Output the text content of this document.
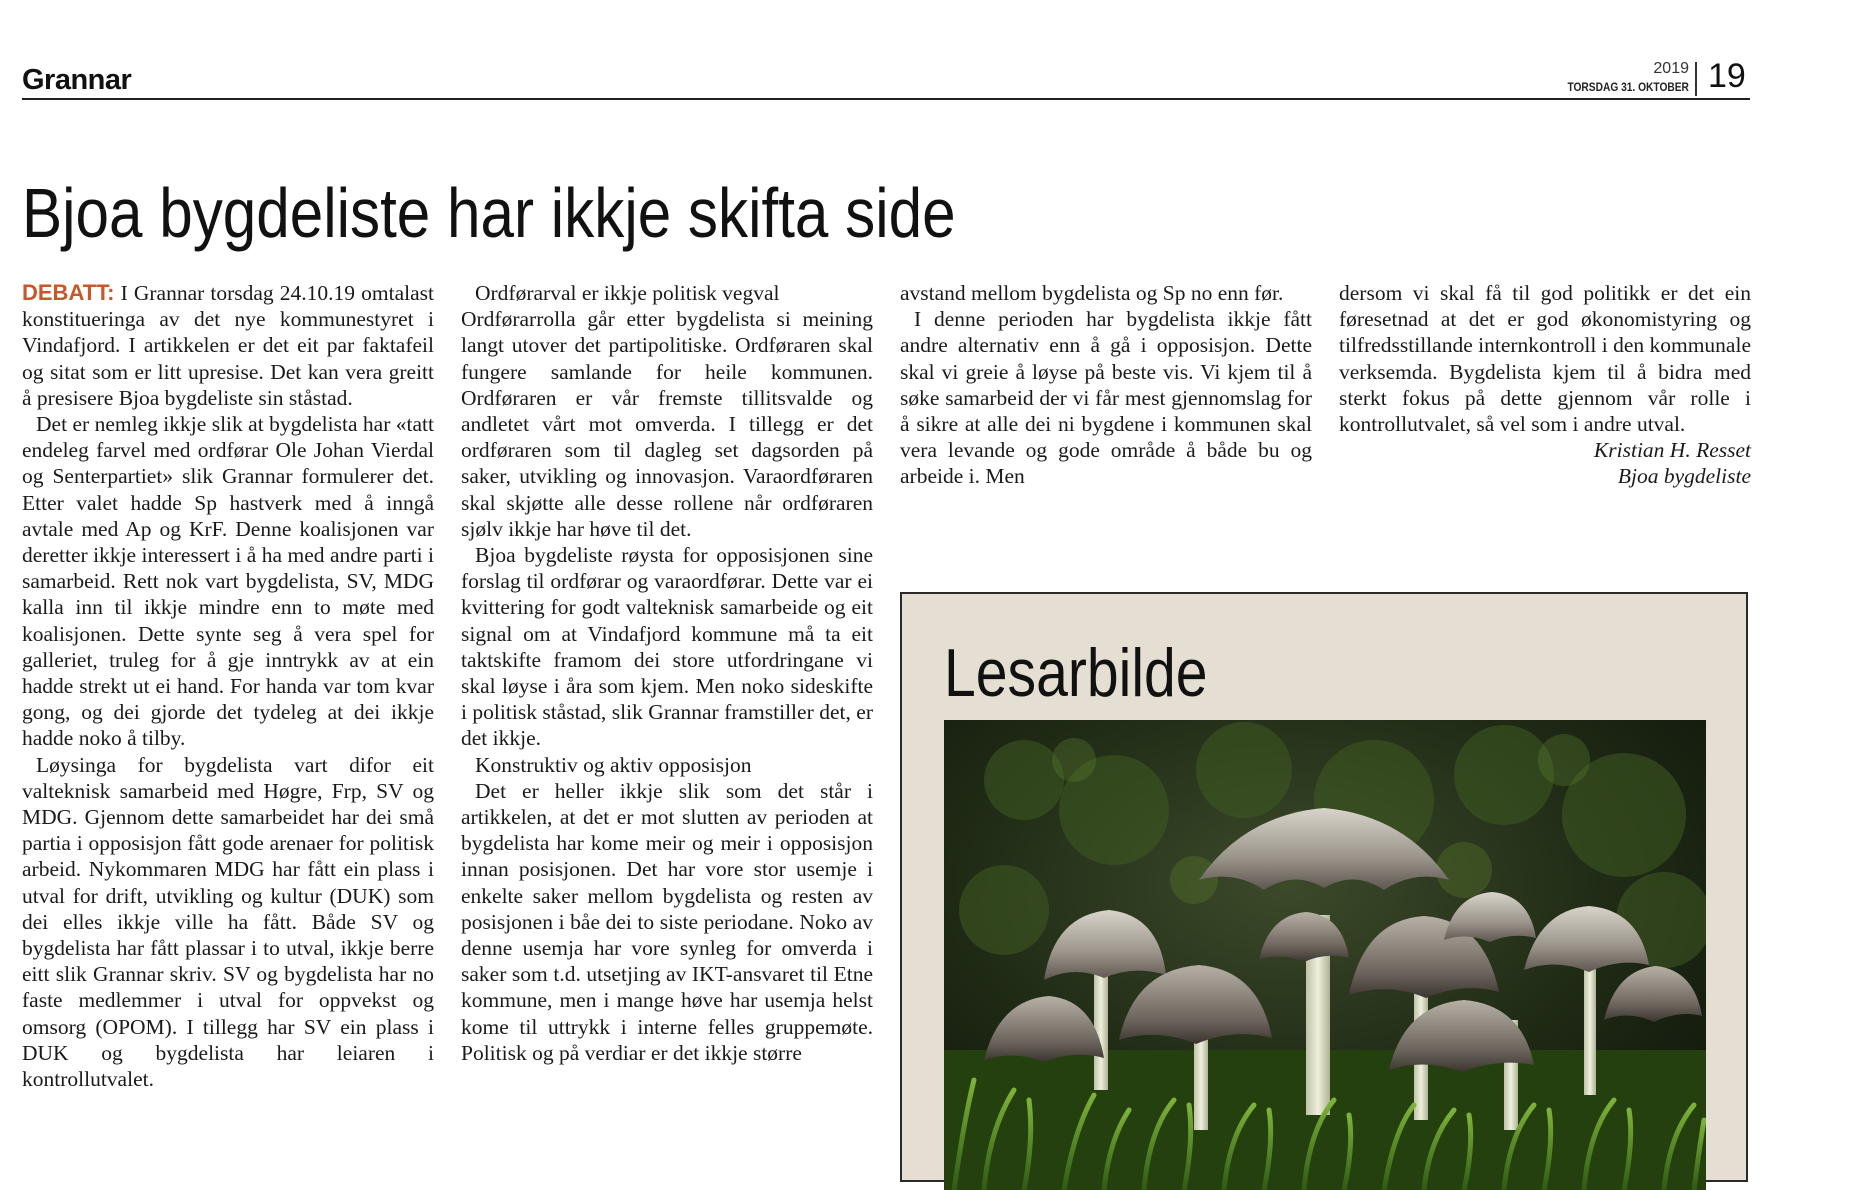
Grannar	2019
TORSDAG 31. OKTOBER 19
Bjoa bygdeliste har ikkje skifta side

DEBATT: I Grannar torsdag 24.10.19 omtalast konstitueringa av det nye kommunestyret i Vindafjord. I artikkelen er det eit par faktafeil og sitat som er litt upresise. Det kan vera greitt å presisere Bjoa bygdeliste sin ståstad.

Det er nemleg ikkje slik at bygdelista har «tatt endeleg farvel med ordførar Ole Johan Vierdal og Senterpartiet» slik Grannar formulerer det. Etter valet hadde Sp hastverk med å inngå avtale med Ap og KrF. Denne koalisjonen var deretter ikkje interessert i å ha med andre parti i samarbeid. Rett nok vart bygdelista, SV, MDG kalla inn til ikkje mindre enn to møte med koalisjonen. Dette synte seg å vera spel for galleriet, truleg for å gje inntrykk av at ein hadde strekt ut ei hand. For handa var tom kvar gong, og dei gjorde det tydeleg at dei ikkje hadde noko å tilby.

Løysinga for bygdelista vart difor eit valteknisk samarbeid med Høgre, Frp, SV og MDG. Gjennom dette samarbeidet har dei små partia i opposisjon fått gode arenaer for politisk arbeid. Nykommaren MDG har fått ein plass i utval for drift, utvikling og kultur (DUK) som dei elles ikkje ville ha fått. Både SV og bygdelista har fått plassar i to utval, ikkje berre eitt slik Grannar skriv. SV og bygdelista har no faste medlemmer i utval for oppvekst og omsorg (OPOM). I tillegg har SV ein plass i DUK og bygdelista har leiaren i kontrollutvalet.

Ordførarval er ikkje politisk vegval

Ordførarrolla går etter bygdelista si meining langt utover det partipolitiske. Ordføraren skal fungere samlande for heile kommunen. Ordføraren er vår fremste tillitsvalde og andletet vårt mot omverda. I tillegg er det ordføraren som til dagleg set dagsorden på saker, utvikling og innovasjon. Varaordføraren skal skjøtte alle desse rollene når ordføraren sjølv ikkje har høve til det.

Bjoa bygdeliste røysta for opposisjonen sine forslag til ordførar og varaordførar. Dette var ei kvittering for godt valteknisk samarbeide og eit signal om at Vindafjord kommune må ta eit taktskifte framom dei store utfordringane vi skal løyse i åra som kjem. Men noko sideskifte i politisk ståstad, slik Grannar framstiller det, er det ikkje.

Konstruktiv og aktiv opposisjon

Det er heller ikkje slik som det står i artikkelen, at det er mot slutten av perioden at bygdelista har kome meir og meir i opposisjon innan posisjonen. Det har vore stor usemje i enkelte saker mellom bygdelista og resten av posisjonen i båe dei to siste periodane. Noko av denne usemja har vore synleg for omverda i saker som t.d. utsetjing av IKT-ansvaret til Etne kommune, men i mange høve har usemja helst kome til uttrykk i interne felles gruppemøte. Politisk og på verdiar er det ikkje større

avstand mellom bygdelista og Sp no enn før.

I denne perioden har bygdelista ikkje fått andre alternativ enn å gå i opposisjon. Dette skal vi greie å løyse på beste vis. Vi kjem til å søke samarbeid der vi får mest gjennomslag for å sikre at alle dei ni bygdene i kommunen skal vera levande og gode område å både bu og arbeide i. Men

dersom vi skal få til god politikk er det ein føresetnad at det er god økonomistyring og tilfredsstillande internkontroll i den kommunale verksemda. Bygdelista kjem til å bidra med sterkt fokus på dette gjennom vår rolle i kontrollutvalet, så vel som i andre utval.

Kristian H. Resset

Bjoa bygdeliste

Lesarbilde
